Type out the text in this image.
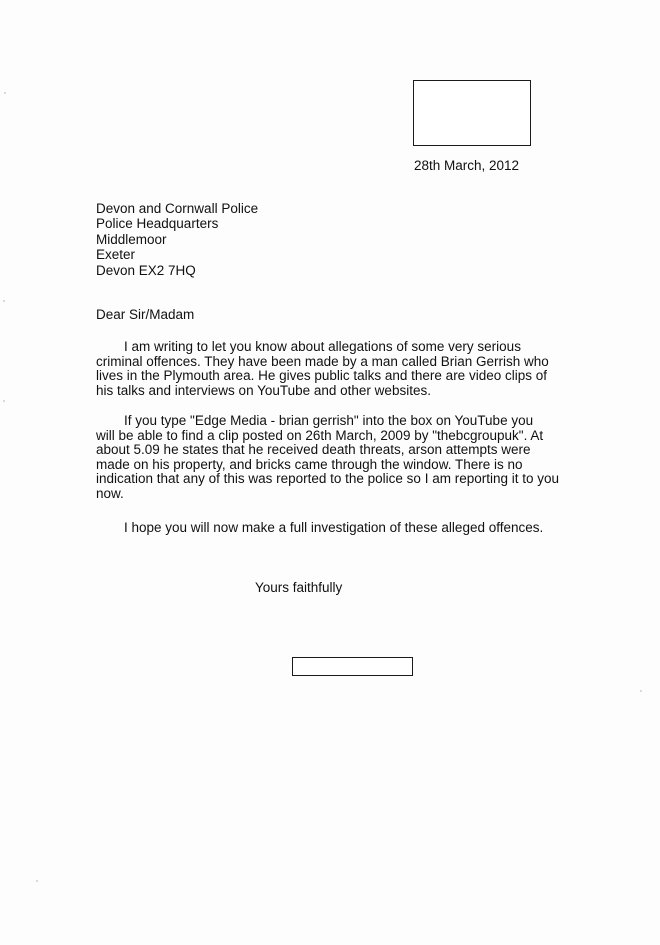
28th March, 2012
Devon and Cornwall Police
Police Headquarters
Middlemoor
Exeter
Devon EX2 7HQ
Dear Sir/Madam
I am writing to let you know about allegations of some very serious
criminal offences. They have been made by a man called Brian Gerrish who
lives in the Plymouth area. He gives public talks and there are video clips of
his talks and interviews on YouTube and other websites.
If you type "Edge Media - brian gerrish" into the box on YouTube you
will be able to find a clip posted on 26th March, 2009 by "thebcgroupuk". At
about 5.09 he states that he received death threats, arson attempts were
made on his property, and bricks came through the window. There is no
indication that any of this was reported to the police so I am reporting it to you
now.
I hope you will now make a full investigation of these alleged offences.
Yours faithfully
